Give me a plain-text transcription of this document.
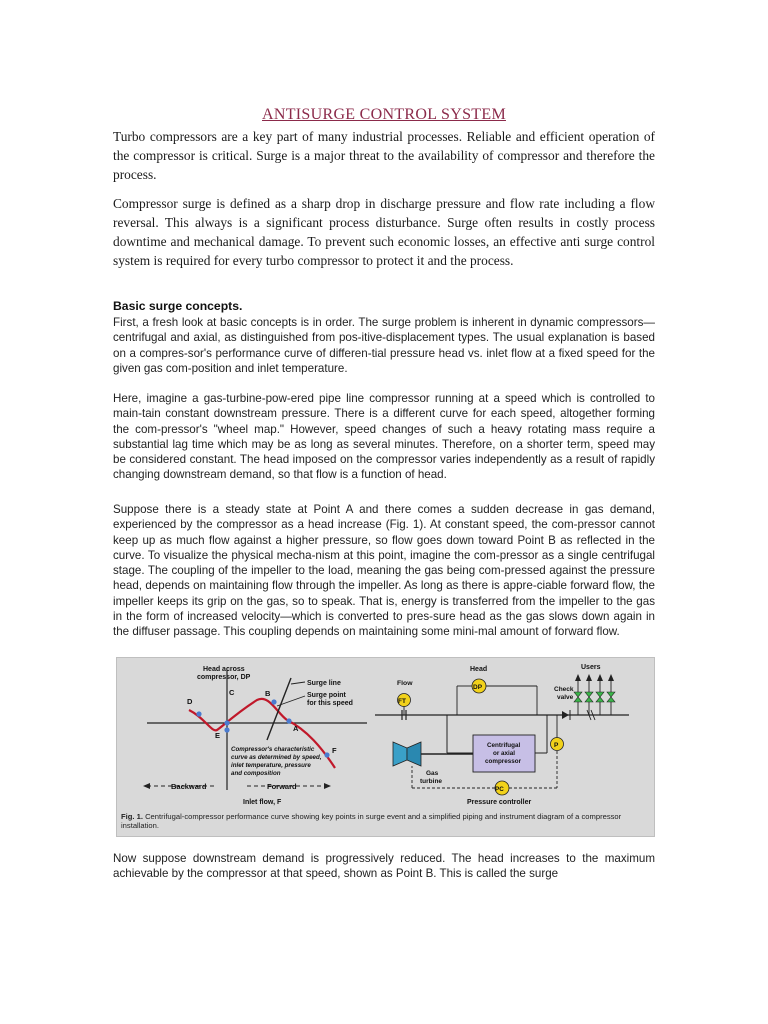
ANTISURGE CONTROL SYSTEM
Turbo compressors are a key part of many industrial processes. Reliable and efficient operation of the compressor is critical. Surge is a major threat to the availability of compressor and therefore the process.
Compressor surge is defined as a sharp drop in discharge pressure and flow rate including a flow reversal. This always is a significant process disturbance. Surge often results in costly process downtime and mechanical damage. To prevent such economic losses, an effective anti surge control system is required for every turbo compressor to protect it and the process.
Basic surge concepts.
First, a fresh look at basic concepts is in order. The surge problem is inherent in dynamic compressors—centrifugal and axial, as distinguished from pos-itive-displacement types. The usual explanation is based on a compres-sor's performance curve of differen-tial pressure head vs. inlet flow at a fixed speed for the given gas com-position and inlet temperature.
Here, imagine a gas-turbine-pow-ered pipe line compressor running at a speed which is controlled to main-tain constant downstream pressure. There is a different curve for each speed, altogether forming the com-pressor's "wheel map." However, speed changes of such a heavy rotating mass require a substantial lag time which may be as long as several minutes. Therefore, on a shorter term, speed may be considered constant. The head imposed on the compressor varies independently as a result of rapidly changing downstream demand, so that flow is a function of head.
Suppose there is a steady state at Point A and there comes a sudden decrease in gas demand, experienced by the compressor as a head increase (Fig. 1). At constant speed, the com-pressor cannot keep up as much flow against a higher pressure, so flow goes down toward Point B as reflected in the curve. To visualize the physical mecha-nism at this point, imagine the com-pressor as a single centrifugal stage. The coupling of the impeller to the load, meaning the gas being com-pressed against the pressure head, depends on maintaining flow through the impeller. As long as there is appre-ciable forward flow, the impeller keeps its grip on the gas, so to speak. That is, energy is transferred from the impeller to the gas in the form of increased velocity—which is converted to pres-sure head as the gas slows down again in the diffuser passage. This coupling depends on maintaining some mini-mal amount of forward flow.
Head across
compressor, DP
Surge line
Surge point
for this speed
D
C	B
A
E
F
Compressor's characteristic
curve as determined by speed,
inlet temperature, pressure
and composition
Backward	Forward
Inlet flow, F
FT
Flow
Centrifugal
or axial
compressor
DP
Head
Check
valve
P
PC
Pressure controller
Gas
turbine
Users
Fig. 1. Centrifugal-compressor performance curve showing key points in surge event and a simplified piping and instrument diagram of a compressor installation.
Now suppose downstream demand is progressively reduced. The head increases to the maximum achievable by the compressor at that speed, shown as Point B. This is called the surge
